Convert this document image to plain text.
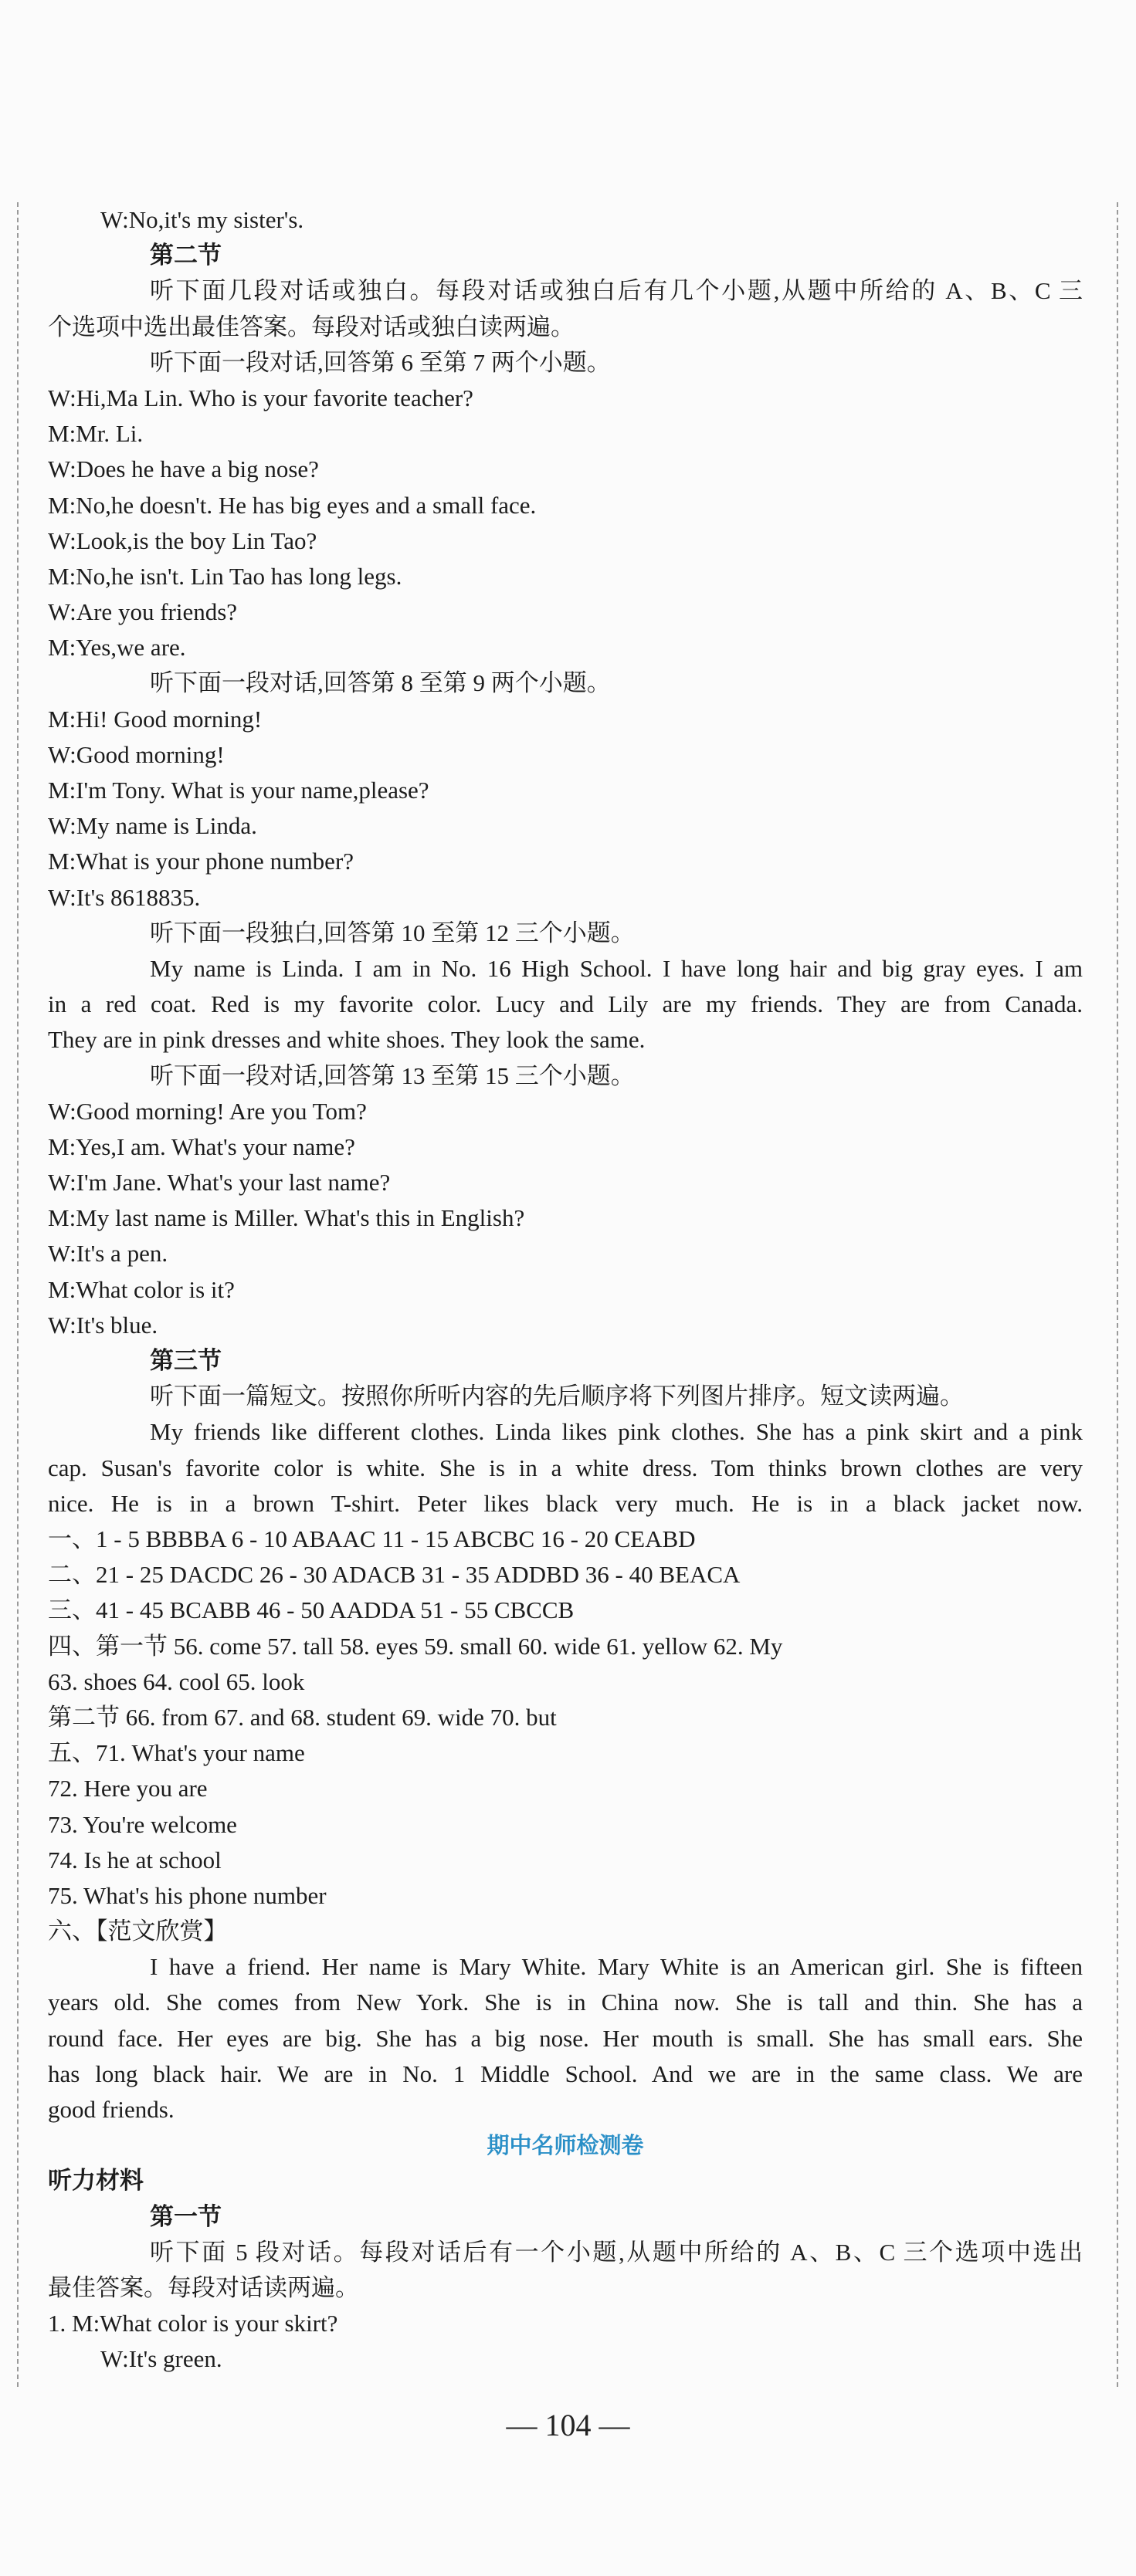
W:No,it's my sister's.
第二节
听下面几段对话或独白。每段对话或独白后有几个小题,从题中所给的 A、B、C 三
个选项中选出最佳答案。每段对话或独白读两遍。
听下面一段对话,回答第 6 至第 7 两个小题。
W:Hi,Ma Lin. Who is your favorite teacher?
M:Mr. Li.
W:Does he have a big nose?
M:No,he doesn't. He has big eyes and a small face.
W:Look,is the boy Lin Tao?
M:No,he isn't. Lin Tao has long legs.
W:Are you friends?
M:Yes,we are.
听下面一段对话,回答第 8 至第 9 两个小题。
M:Hi! Good morning!
W:Good morning!
M:I'm Tony. What is your name,please?
W:My name is Linda.
M:What is your phone number?
W:It's 8618835.
听下面一段独白,回答第 10 至第 12 三个小题。
My name is Linda. I am in No. 16 High School. I have long hair and big gray eyes. I am
in a red coat. Red is my favorite color. Lucy and Lily are my friends. They are from Canada.
They are in pink dresses and white shoes. They look the same.
听下面一段对话,回答第 13 至第 15 三个小题。
W:Good morning! Are you Tom?
M:Yes,I am. What's your name?
W:I'm Jane. What's your last name?
M:My last name is Miller. What's this in English?
W:It's a pen.
M:What color is it?
W:It's blue.
第三节
听下面一篇短文。按照你所听内容的先后顺序将下列图片排序。短文读两遍。
My friends like different clothes. Linda likes pink clothes. She has a pink skirt and a pink
cap. Susan's favorite color is white. She is in a white dress. Tom thinks brown clothes are very
nice. He is in a brown T-shirt. Peter likes black very much. He is in a black jacket now.
一、1 - 5 BBBBA 6 - 10 ABAAC 11 - 15 ABCBC 16 - 20 CEABD
二、21 - 25 DACDC 26 - 30 ADACB 31 - 35 ADDBD 36 - 40 BEACA
三、41 - 45 BCABB 46 - 50 AADDA 51 - 55 CBCCB
四、第一节 56. come 57. tall 58. eyes 59. small 60. wide 61. yellow 62. My
63. shoes 64. cool 65. look
第二节 66. from 67. and 68. student 69. wide 70. but
五、71. What's your name
72. Here you are
73. You're welcome
74. Is he at school
75. What's his phone number
六、【范文欣赏】
I have a friend. Her name is Mary White. Mary White is an American girl. She is fifteen
years old. She comes from New York. She is in China now. She is tall and thin. She has a
round face. Her eyes are big. She has a big nose. Her mouth is small. She has small ears. She
has long black hair. We are in No. 1 Middle School. And we are in the same class. We are
good friends.
期中名师检测卷
听力材料
第一节
听下面 5 段对话。每段对话后有一个小题,从题中所给的 A、B、C 三个选项中选出
最佳答案。每段对话读两遍。
1. M:What color is your skirt?
W:It's green.
— 104 —
